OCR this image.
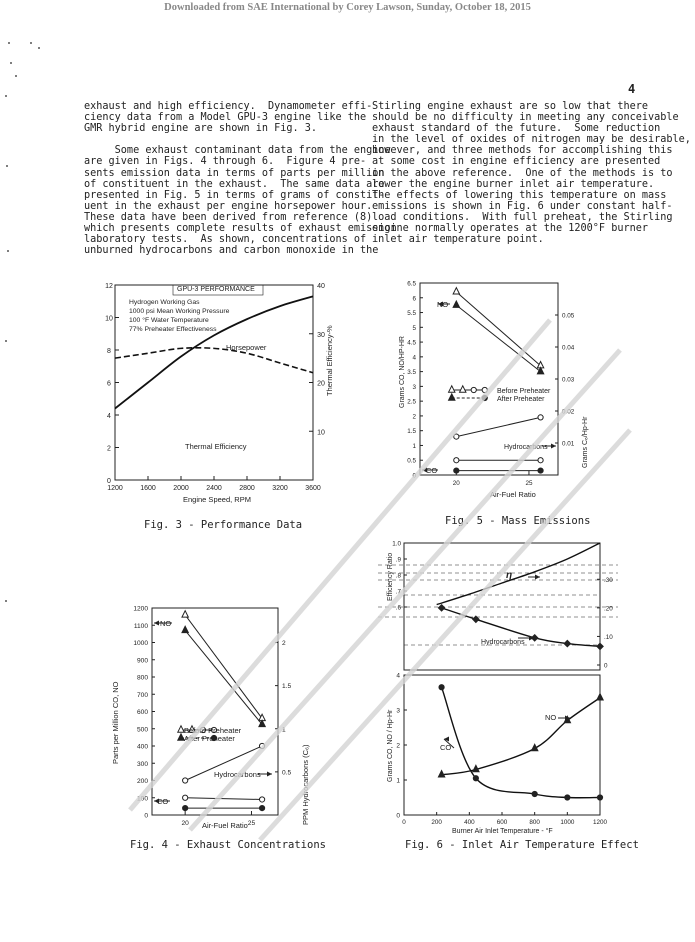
Downloaded from SAE International by Corey Lawson, Sunday, October 18, 2015
4
exhaust and high efficiency.  Dynamometer effi-
ciency data from a Model GPU-3 engine like the
GMR hybrid engine are shown in Fig. 3.
Some exhaust contaminant data from the engine
are given in Figs. 4 through 6.  Figure 4 pre-
sents emission data in terms of parts per million
of constituent in the exhaust.  The same data are
presented in Fig. 5 in terms of grams of constit-
uent in the exhaust per engine horsepower hour.
These data have been derived from reference (8)
which presents complete results of exhaust emission
laboratory tests.  As shown, concentrations of
unburned hydrocarbons and carbon monoxide in the
Stirling engine exhaust are so low that there
should be no difficulty in meeting any conceivable
exhaust standard of the future.  Some reduction
in the level of oxides of nitrogen may be desirable,
however, and three methods for accomplishing this
at some cost in engine efficiency are presented
in the above reference.  One of the methods is to
lower the engine burner inlet air temperature.
The effects of lowering this temperature on mass
emissions is shown in Fig. 6 under constant half-
load conditions.  With full preheat, the Stirling
engine normally operates at the 1200°F burner
inlet air temperature point.
1200 1600 2000 2400 2800 3200 3600
0
2
4
6
8
10
12
10
20
30
40
GPU-3 PERFORMANCE
Hydrogen Working Gas
1000 psi Mean Working Pressure
100 °F Water Temperature
77% Preheater Effectiveness
Horsepower
Thermal Efficiency
Engine Speed, RPM
Thermal Efficiency-%
Fig. 3 - Performance Data
Grams CO, NO/HP-HR
20	25
0
0.5
1
1.5
2
2.5
3
3.5
4
4.5
5
5.5
6
6.5
0.01
0.02
0.03
0.04
0.05
NO
Before Preheater
After Preheater
Hydrocarbons
CO
Air-Fuel Ratio
Grams C₆/Hp-Hr
Fig. 5 - Mass Emissions
Parts per Million CO, NO
20	25
0
100
200
300
400
500
600
700
800
900
1000
1100
1200
0.5
1
1.5
2
NO
Before Preheater
After Preheater
Hydrocarbons
CO
Air-Fuel Ratio
PPM Hydrocarbons (C₆)
Fig. 4 - Exhaust Concentrations
Efficiency Ratio
Grams CO, NO / Hp-Hr
.6
.7
.8
.9
1.0
0
.10
.20
.30
0
1
2
3
4
0	200	400	600	800	1000	1200
η
Hydrocarbons
NO
CO
Burner Air Inlet Temperature - °F
Fig. 6 - Inlet Air Temperature Effect
